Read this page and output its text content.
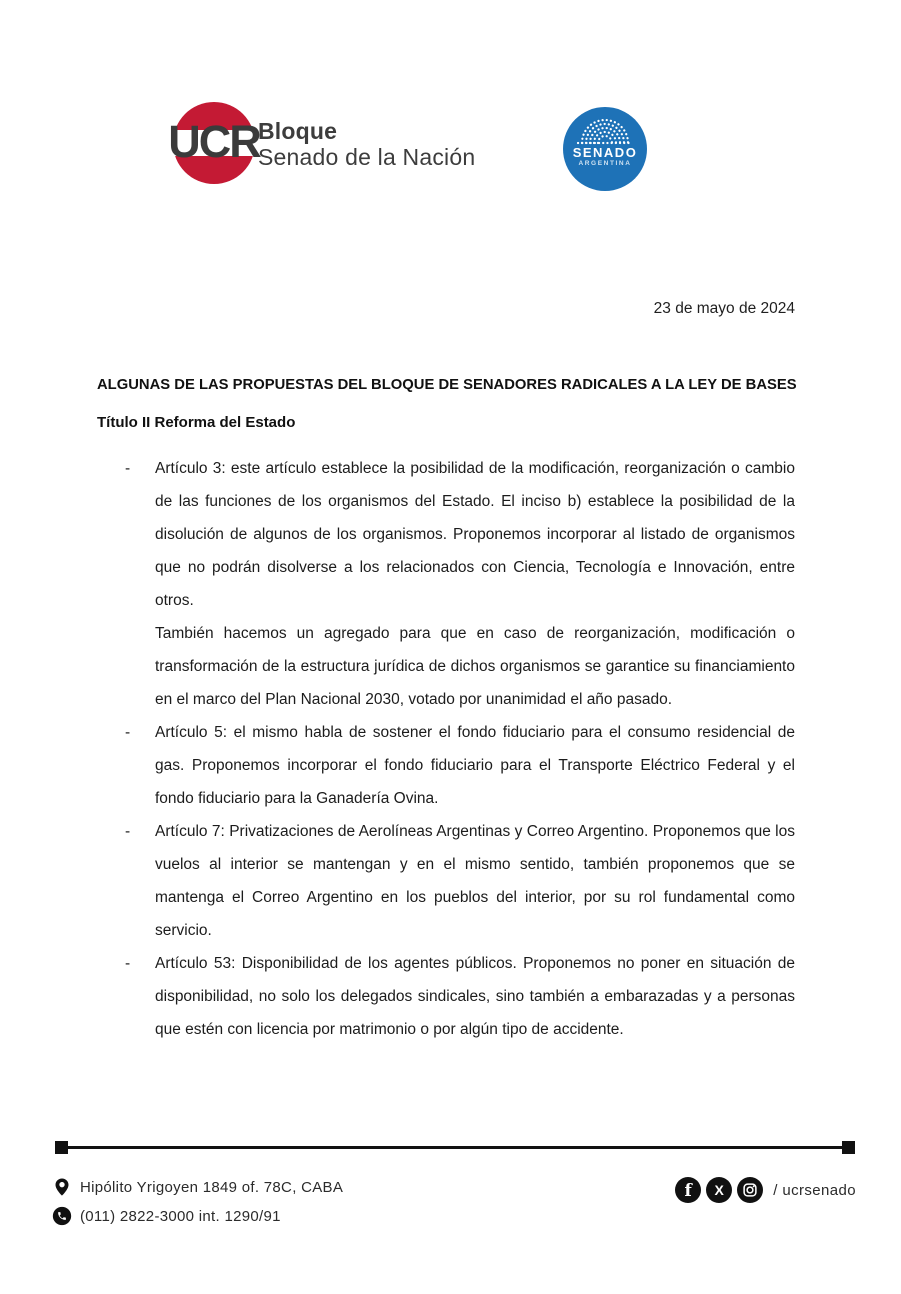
UCR
Bloque
Senado de la Nación	SENADO
ARGENTINA
23 de mayo de 2024
ALGUNAS DE LAS PROPUESTAS DEL BLOQUE DE SENADORES RADICALES A LA LEY DE BASES
Título II Reforma del Estado
-	Artículo 3: este artículo establece la posibilidad de la modificación, reorganización o cambio de las funciones de los organismos del Estado. El inciso b) establece la posibilidad de la disolución de algunos de los organismos. Proponemos incorporar al listado de organismos que no podrán disolverse a los relacionados con Ciencia, Tecnología e Innovación, entre otros.

También hacemos un agregado para que en caso de reorganización, modificación o transformación de la estructura jurídica de dichos organismos se garantice su financiamiento en el marco del Plan Nacional 2030, votado por unanimidad el año pasado.

-	Artículo 5: el mismo habla de sostener el fondo fiduciario para el consumo residencial de gas. Proponemos incorporar el fondo fiduciario para el Transporte Eléctrico Federal y el fondo fiduciario para la Ganadería Ovina.

-	Artículo 7: Privatizaciones de Aerolíneas Argentinas y Correo Argentino. Proponemos que los vuelos al interior se mantengan y en el mismo sentido, también proponemos que se mantenga el Correo Argentino en los pueblos del interior, por su rol fundamental como servicio.

-	Artículo 53: Disponibilidad de los agentes públicos. Proponemos no poner en situación de disponibilidad, no solo los delegados sindicales, sino también a embarazadas y a personas que estén con licencia por matrimonio o por algún tipo de accidente.

Hipólito Yrigoyen 1849 of. 78C, CABA
(011) 2822-3000 int. 1290/91
f X	/ ucrsenado
